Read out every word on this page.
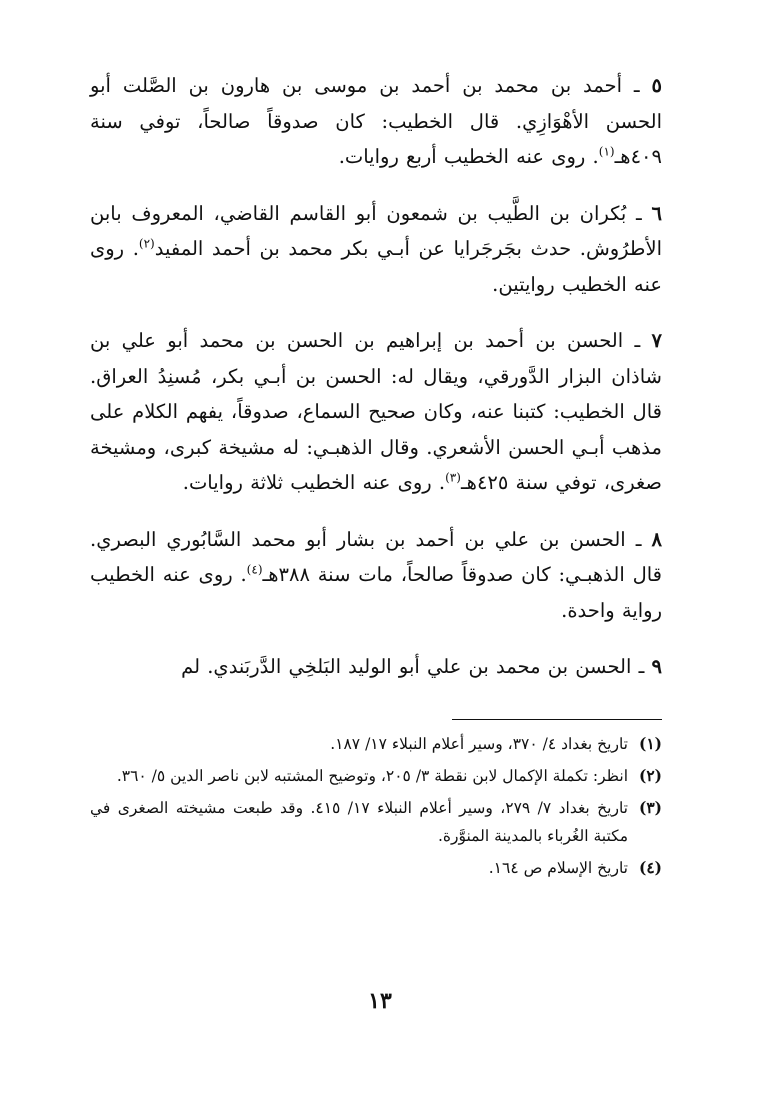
٥ ـ أحمد بن محمد بن أحمد بن موسى بن هارون بن الصَّلت أبو الحسن الأهْوَازِي. قال الخطيب: كان صدوقاً صالحاً، توفي سنة ٤٠٩هـ$^{(١)}$. روى عنه الخطيب أربع روايات.

٦ ـ بُكران بن الطَّيب بن شمعون أبو القاسم القاضي، المعروف بابن الأطرُوش. حدث بجَرجَرايا عن أبـي بكر محمد بن أحمد المفيد$^{(٢)}$. روى عنه الخطيب روايتين.

٧ ـ الحسن بن أحمد بن إبراهيم بن الحسن بن محمد أبو علي بن شاذان البزار الدَّورقي، ويقال له: الحسن بن أبـي بكر، مُسنِدُ العراق. قال الخطيب: كتبنا عنه، وكان صحيح السماع، صدوقاً، يفهم الكلام على مذهب أبـي الحسن الأشعري. وقال الذهبـي: له مشيخة كبرى، ومشيخة صغرى، توفي سنة ٤٢٥هـ$^{(٣)}$. روى عنه الخطيب ثلاثة روايات.

٨ ـ الحسن بن علي بن أحمد بن بشار أبو محمد السَّابُوري البصري. قال الذهبـي: كان صدوقاً صالحاً، مات سنة ٣٨٨هـ$^{(٤)}$. روى عنه الخطيب رواية واحدة.

٩ ـ الحسن بن محمد بن علي أبو الوليد البَلخِي الدَّربَندي. لم

(١)
تاريخ بغداد ٤/ ٣٧٠، وسير أعلام النبلاء ١٧/ ١٨٧.

(٢)
انظر: تكملة الإكمال لابن نقطة ٣/ ٢٠٥، وتوضيح المشتبه لابن ناصر الدين ٥/ ٣٦٠.

(٣)
تاريخ بغداد ٧/ ٢٧٩، وسير أعلام النبلاء ١٧/ ٤١٥. وقد طبعت مشيخته الصغرى في مكتبة الغُرباء بالمدينة المنوَّرة.

(٤)
تاريخ الإسلام ص ١٦٤.

١٣
